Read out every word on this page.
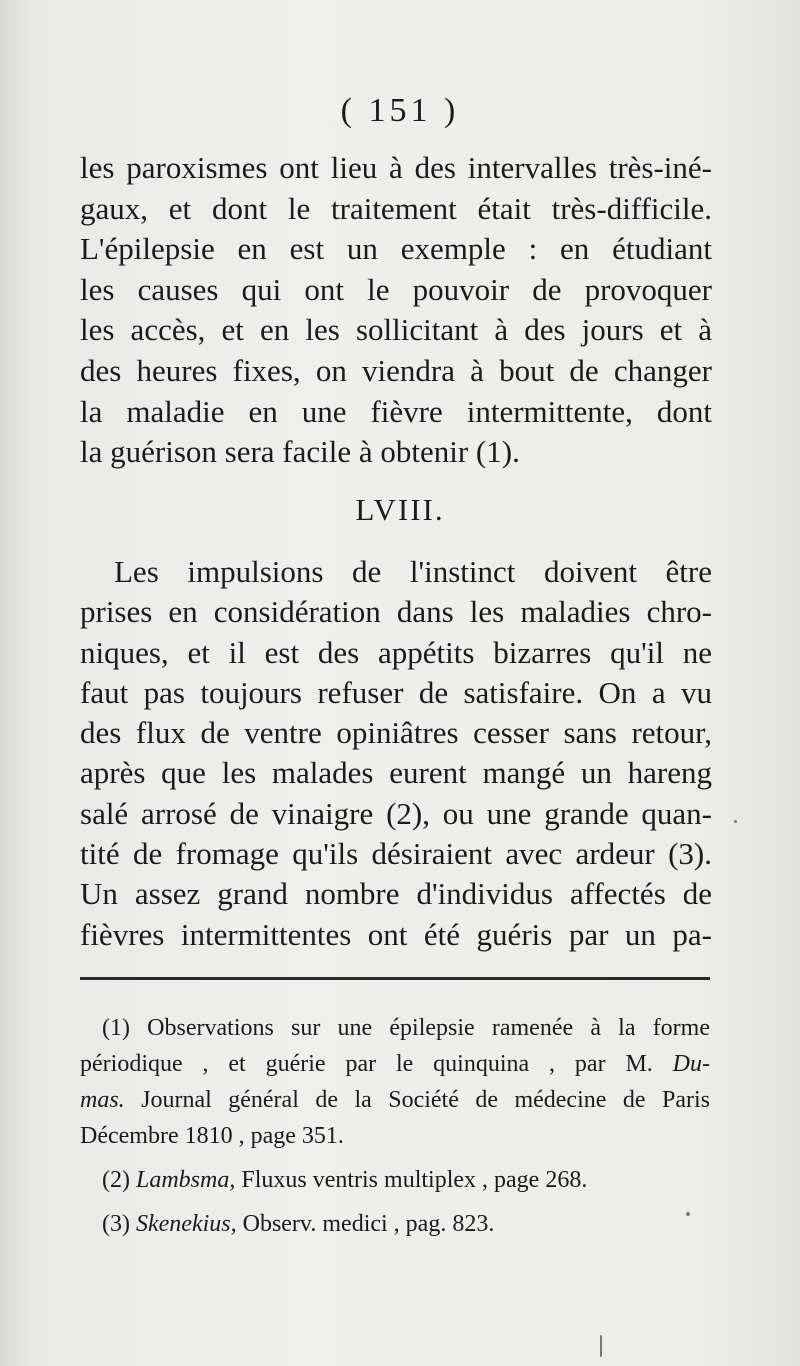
( 151 )
les paroxismes ont lieu à des intervalles très-iné-
gaux, et dont le traitement était très-difficile.
L'épilepsie en est un exemple : en étudiant
les causes qui ont le pouvoir de provoquer
les accès, et en les sollicitant à des jours et à
des heures fixes, on viendra à bout de changer
la maladie en une fièvre intermittente, dont
la guérison sera facile à obtenir (1).
LVIII.
Les impulsions de l'instinct doivent être
prises en considération dans les maladies chro-
niques, et il est des appétits bizarres qu'il ne
faut pas toujours refuser de satisfaire. On a vu
des flux de ventre opiniâtres cesser sans retour,
après que les malades eurent mangé un hareng
salé arrosé de vinaigre (2), ou une grande quan-
tité de fromage qu'ils désiraient avec ardeur (3).
Un assez grand nombre d'individus affectés de
fièvres intermittentes ont été guéris par un pa-
(1) Observations sur une épilepsie ramenée à la forme
périodique , et guérie par le quinquina , par M. Du-
mas. Journal général de la Société de médecine de Paris
Décembre 1810 , page 351.
(2) Lambsma, Fluxus ventris multiplex , page 268.
(3) Skenekius, Observ. medici , pag. 823.
